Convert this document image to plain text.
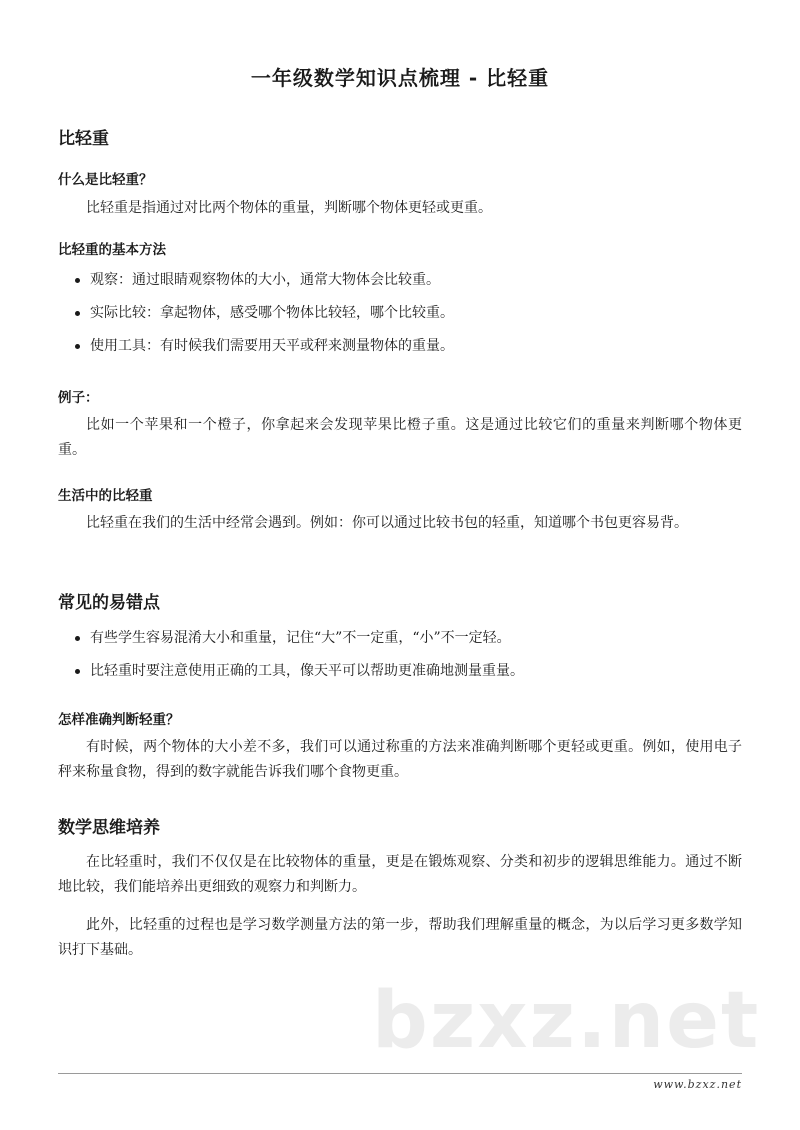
一年级数学知识点梳理 - 比轻重
比轻重
什么是比轻重？

比轻重是指通过对比两个物体的重量，判断哪个物体更轻或更重。

比轻重的基本方法
观察：通过眼睛观察物体的大小，通常大物体会比较重。
实际比较：拿起物体，感受哪个物体比较轻，哪个比较重。
使用工具：有时候我们需要用天平或秤来测量物体的重量。
例子：

比如一个苹果和一个橙子，你拿起来会发现苹果比橙子重。这是通过比较它们的重量来判断哪个物体更重。

生活中的比轻重

比轻重在我们的生活中经常会遇到。例如：你可以通过比较书包的轻重，知道哪个书包更容易背。

常见的易错点
有些学生容易混淆大小和重量，记住“大”不一定重，“小”不一定轻。
比轻重时要注意使用正确的工具，像天平可以帮助更准确地测量重量。
怎样准确判断轻重？

有时候，两个物体的大小差不多，我们可以通过称重的方法来准确判断哪个更轻或更重。例如，使用电子秤来称量食物，得到的数字就能告诉我们哪个食物更重。

数学思维培养

在比轻重时，我们不仅仅是在比较物体的重量，更是在锻炼观察、分类和初步的逻辑思维能力。通过不断地比较，我们能培养出更细致的观察力和判断力。

此外，比轻重的过程也是学习数学测量方法的第一步，帮助我们理解重量的概念，为以后学习更多数学知识打下基础。

bzxz.net
www.bzxz.net
